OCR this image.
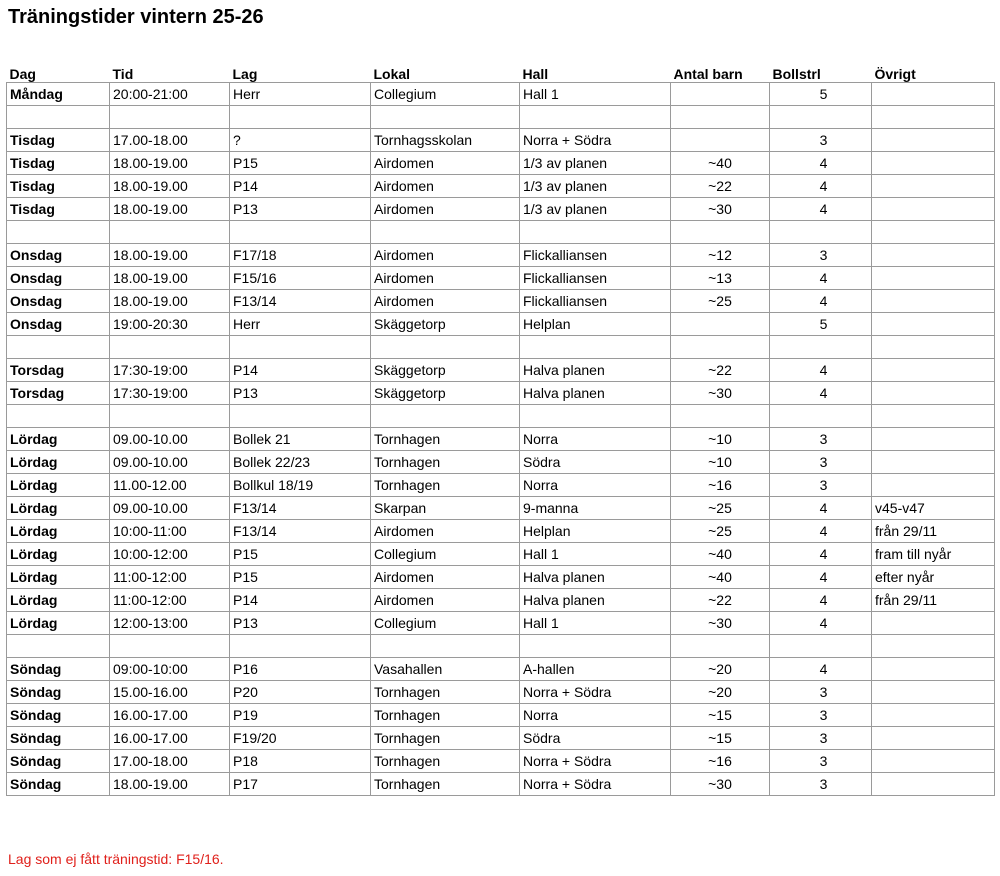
Träningstider vintern 25-26
Dag	Tid	Lag	Lokal	Hall	Antal barn	Bollstrl	Övrigt
Måndag	20:00-21:00	Herr	Collegium	Hall 1		5	

Tisdag	17.00-18.00	?	Tornhagsskolan	Norra + Södra		3	
Tisdag	18.00-19.00	P15	Airdomen	1/3 av planen	~40	4	
Tisdag	18.00-19.00	P14	Airdomen	1/3 av planen	~22	4	
Tisdag	18.00-19.00	P13	Airdomen	1/3 av planen	~30	4	

Onsdag	18.00-19.00	F17/18	Airdomen	Flickalliansen	~12	3	
Onsdag	18.00-19.00	F15/16	Airdomen	Flickalliansen	~13	4	
Onsdag	18.00-19.00	F13/14	Airdomen	Flickalliansen	~25	4	
Onsdag	19:00-20:30	Herr	Skäggetorp	Helplan		5	

Torsdag	17:30-19:00	P14	Skäggetorp	Halva planen	~22	4	
Torsdag	17:30-19:00	P13	Skäggetorp	Halva planen	~30	4	

Lördag	09.00-10.00	Bollek 21	Tornhagen	Norra	~10	3	
Lördag	09.00-10.00	Bollek 22/23	Tornhagen	Södra	~10	3	
Lördag	11.00-12.00	Bollkul 18/19	Tornhagen	Norra	~16	3	
Lördag	09.00-10.00	F13/14	Skarpan	9-manna	~25	4	v45-v47
Lördag	10:00-11:00	F13/14	Airdomen	Helplan	~25	4	från 29/11
Lördag	10:00-12:00	P15	Collegium	Hall 1	~40	4	fram till nyår
Lördag	11:00-12:00	P15	Airdomen	Halva planen	~40	4	efter nyår
Lördag	11:00-12:00	P14	Airdomen	Halva planen	~22	4	från 29/11
Lördag	12:00-13:00	P13	Collegium	Hall 1	~30	4	

Söndag	09:00-10:00	P16	Vasahallen	A-hallen	~20	4	
Söndag	15.00-16.00	P20	Tornhagen	Norra + Södra	~20	3	
Söndag	16.00-17.00	P19	Tornhagen	Norra	~15	3	
Söndag	16.00-17.00	F19/20	Tornhagen	Södra	~15	3	
Söndag	17.00-18.00	P18	Tornhagen	Norra + Södra	~16	3	
Söndag	18.00-19.00	P17	Tornhagen	Norra + Södra	~30	3	
Lag som ej fått träningstid: F15/16.
